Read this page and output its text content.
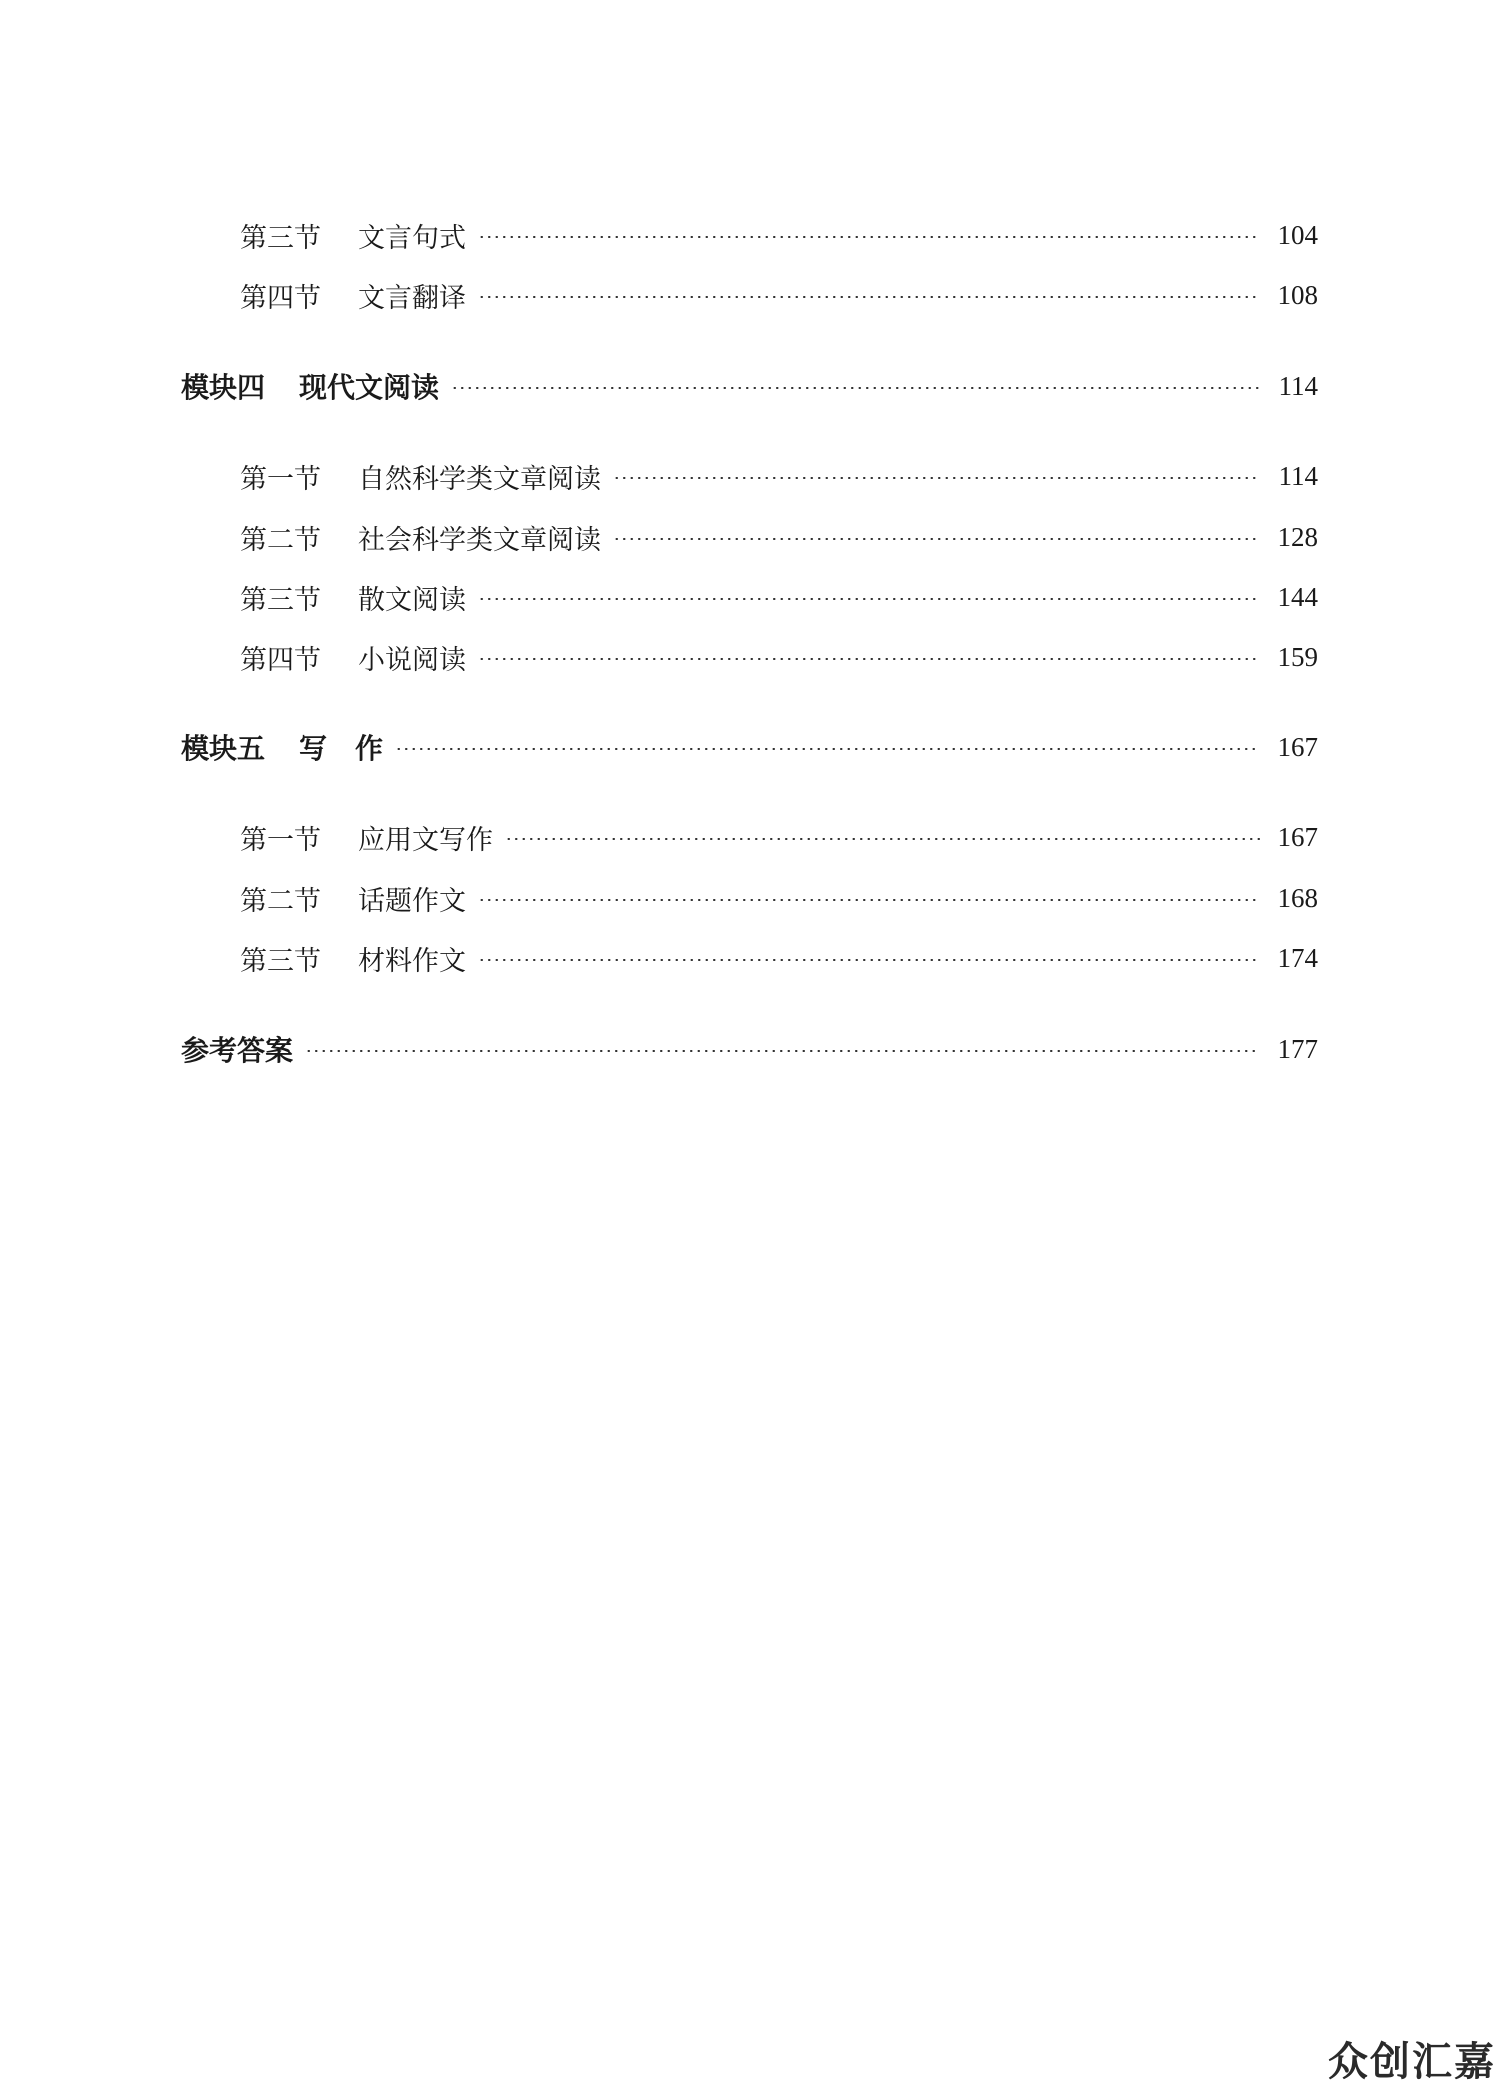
第三节	文言句式	104
第四节	文言翻译	108
模块四	现代文阅读	114
第一节	自然科学类文章阅读	114
第二节	社会科学类文章阅读	128
第三节	散文阅读	144
第四节	小说阅读	159
模块五	写　作	167
第一节	应用文写作	167
第二节	话题作文	168
第三节	材料作文	174
参考答案	177
众创汇嘉
